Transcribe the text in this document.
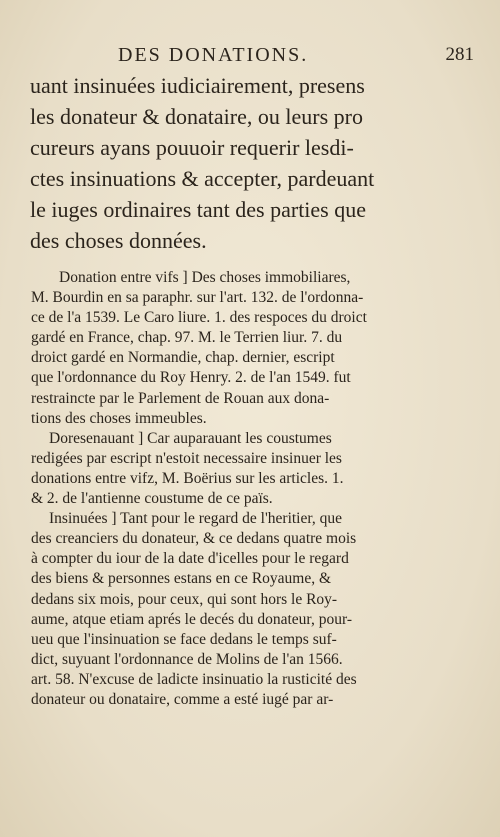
DES DONATIONS.	281
uant insinuées iudiciairement, presens
les donateur & donataire, ou leurs pro
cureurs ayans pouuoir requerir lesdi-
ctes insinuations & accepter, pardeuant
le iuges ordinaires tant des parties que
des choses données.
Donation entre vifs ] Des choses immobiliares,
M. Bourdin en sa paraphr. sur l'art. 132. de l'ordonna-
ce de l'a 1539. Le Caro liure. 1. des respoces du droict
gardé en France, chap. 97. M. le Terrien liur. 7. du
droict gardé en Normandie, chap. dernier, escript
que l'ordonnance du Roy Henry. 2. de l'an 1549. fut
restraincte par le Parlement de Rouan aux dona-
tions des choses immeubles.
Doresenauant ] Car auparauant les coustumes
redigées par escript n'estoit necessaire insinuer les
donations entre vifz, M. Boërius sur les articles. 1.
& 2. de l'antienne coustume de ce païs.
Insinuées ] Tant pour le regard de l'heritier, que
des creanciers du donateur, & ce dedans quatre mois
à compter du iour de la date d'icelles pour le regard
des biens & personnes estans en ce Royaume, &
dedans six mois, pour ceux, qui sont hors le Roy-
aume, atque etiam aprés le decés du donateur, pour-
ueu que l'insinuation se face dedans le temps suf-
dict, suyuant l'ordonnance de Molins de l'an 1566.
art. 58. N'excuse de ladicte insinuatio la rusticité des
donateur ou donataire, comme a esté iugé par ar-
